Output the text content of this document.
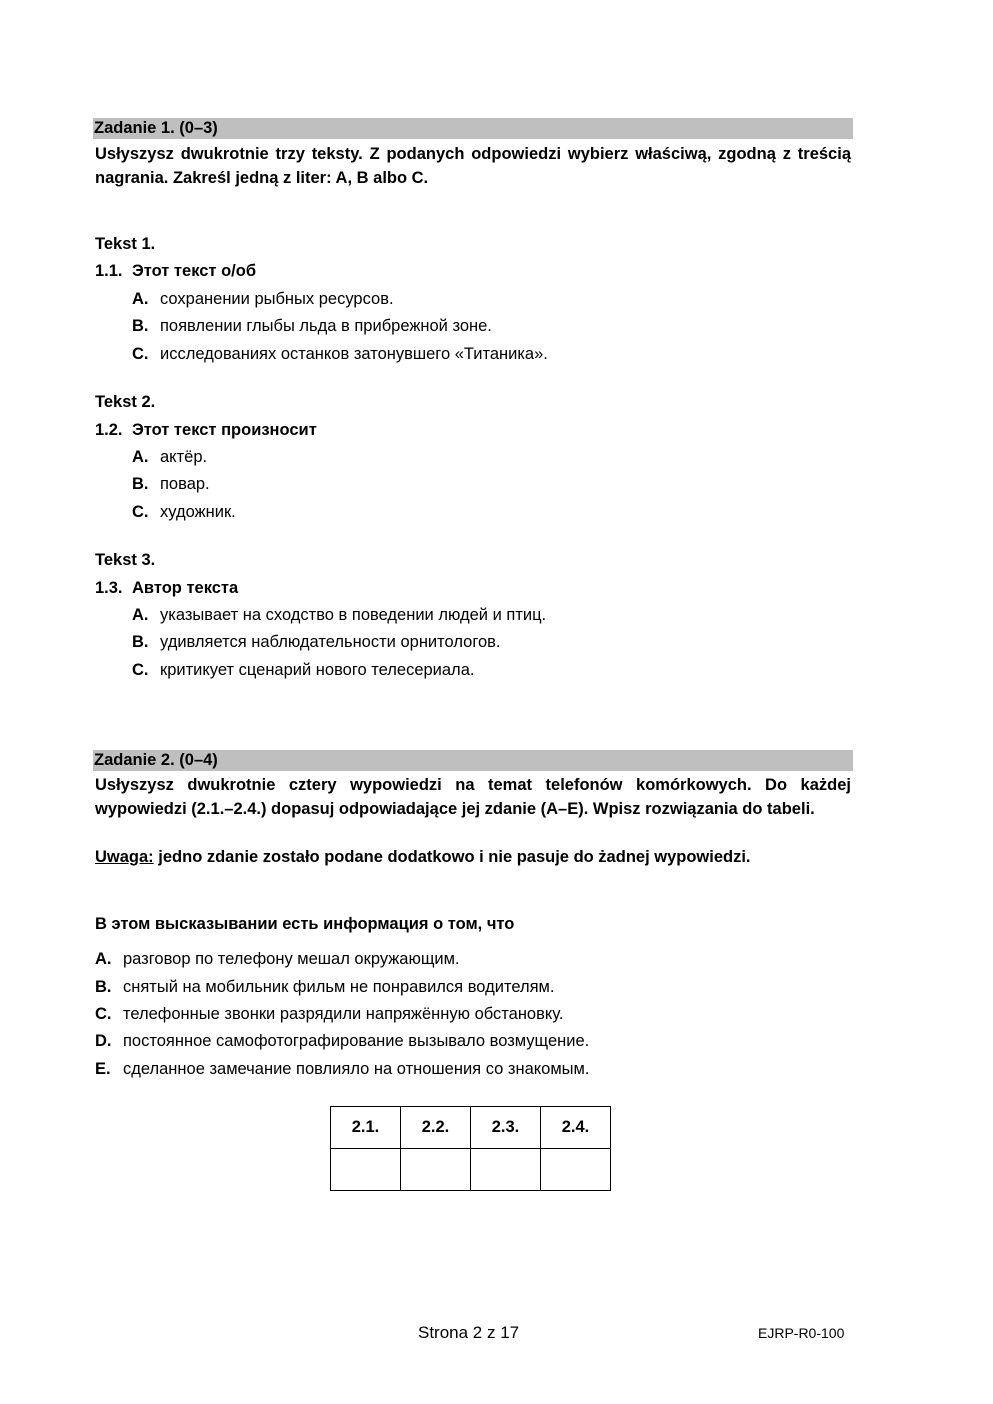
Zadanie 1. (0–3)
Usłyszysz dwukrotnie trzy teksty. Z podanych odpowiedzi wybierz właściwą, zgodną z treścią nagrania. Zakreśl jedną z liter: A, B albo C.
Tekst 1.
1.1. Этот текст о/об
A. сохранении рыбных ресурсов.
B. появлении глыбы льда в прибрежной зоне.
C. исследованиях останков затонувшего «Титаника».
Tekst 2.
1.2. Этот текст произносит
A. актёр.
B. повар.
C. художник.
Tekst 3.
1.3. Автор текста
A. указывает на сходство в поведении людей и птиц.
B. удивляется наблюдательности орнитологов.
C. критикует сценарий нового телесериала.
Zadanie 2. (0–4)
Usłyszysz dwukrotnie cztery wypowiedzi na temat telefonów komórkowych. Do każdej wypowiedzi (2.1.–2.4.) dopasuj odpowiadające jej zdanie (A–E). Wpisz rozwiązania do tabeli.
Uwaga: jedno zdanie zostało podane dodatkowo i nie pasuje do żadnej wypowiedzi.
В этом высказывании есть информация о том, что
A. разговор по телефону мешал окружающим.
B. снятый на мобильник фильм не понравился водителям.
C. телефонные звонки разрядили напряжённую обстановку.
D. постоянное самофотографирование вызывало возмущение.
E. сделанное замечание повлияло на отношения со знакомым.
2.1.	2.2.	2.3.	2.4.

Strona 2 z 17	EJRP-R0-100
